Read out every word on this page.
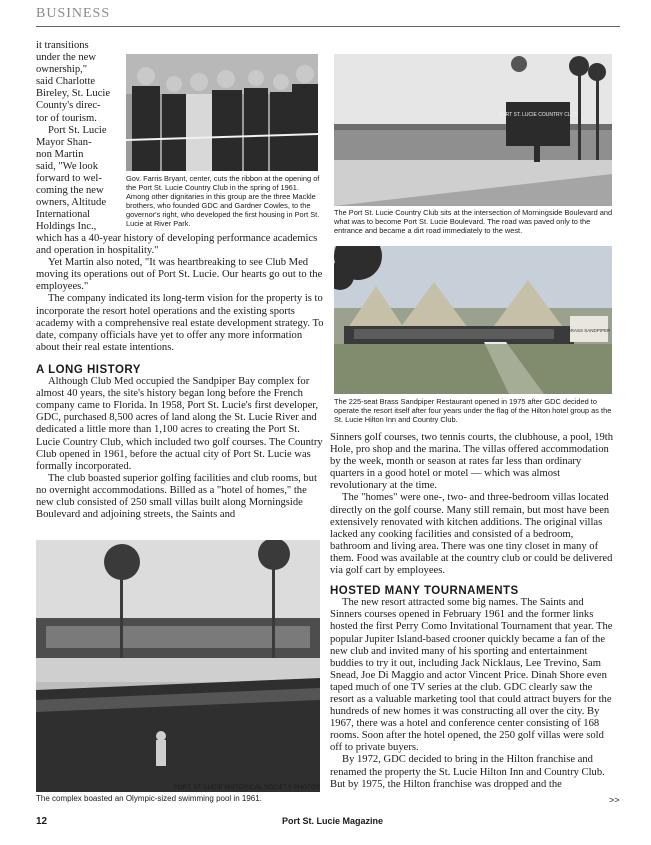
BUSINESS
it transitions
under the new
ownership,"
said Charlotte
Bireley, St. Lucie
County's direc-
tor of tourism.
Port St. Lucie
Mayor Shan-
non Martin
said, "We look
forward to wel-
coming the new
owners, Altitude
International
Holdings Inc.,

Gov. Farris Bryant, center, cuts the ribbon at the opening of the Port St. Lucie Country Club in the spring of 1961. Among other dignitaries in this group are the three Mackle brothers, who founded GDC and Gardner Cowles, to the governor's right, who developed the first housing in Port St. Lucie at River Park.

PORT ST. LUCIE COUNTRY CLUB

The Port St. Lucie Country Club sits at the intersection of Morningside Boulevard and what was to become Port St. Lucie Boulevard. The road was paved only to the entrance and became a dirt road immediately to the west.

BRASS SANDPIPER

The 225-seat Brass Sandpiper Restaurant opened in 1975 after GDC decided to operate the resort itself after four years under the flag of the Hilton hotel group as the St. Lucie Hilton Inn and Country Club.

which has a 40-year history of developing performance academics and operation in hospitality."

Yet Martin also noted, "It was heartbreaking to see Club Med moving its operations out of Port St. Lucie. Our hearts go out to the employees."

The company indicated its long-term vision for the property is to incorporate the resort hotel operations and the existing sports academy with a comprehensive real estate development strategy. To date, company officials have yet to offer any more information about their real estate intentions.

A LONG HISTORY

Although Club Med occupied the Sandpiper Bay complex for almost 40 years, the site's history began long before the French company came to Florida. In 1958, Port St. Lucie's first developer, GDC, purchased 8,500 acres of land along the St. Lucie River and dedicated a little more than 1,100 acres to creating the Port St. Lucie Country Club, which included two golf courses. The Country Club opened in 1961, before the actual city of Port St. Lucie was formally incorporated.

The club boasted superior golfing facilities and club rooms, but no overnight accommodations. Billed as a "hotel of homes," the new club consisted of 250 small villas built along Morningside Boulevard and adjoining streets, the Saints and

PORT ST. LUCIE HISTORICAL SOCIETY PHOTOS

The complex boasted an Olympic-sized swimming pool in 1961.

Sinners golf courses, two tennis courts, the clubhouse, a pool, 19th Hole, pro shop and the marina. The villas offered accommodation by the week, month or season at rates far less than ordinary quarters in a good hotel or motel — which was almost revolutionary at the time.

The "homes" were one-, two- and three-bedroom villas located directly on the golf course. Many still remain, but most have been extensively renovated with kitchen additions. The original villas lacked any cooking facilities and consisted of a bedroom, bathroom and living area. There was one tiny closet in many of them. Food was available at the country club or could be delivered via golf cart by employees.

HOSTED MANY TOURNAMENTS

The new resort attracted some big names. The Saints and Sinners courses opened in February 1961 and the former links hosted the first Perry Como Invitational Tournament that year. The popular Jupiter Island-based crooner quickly became a fan of the new club and invited many of his sporting and entertainment buddies to try it out, including Jack Nicklaus, Lee Trevino, Sam Snead, Joe Di Maggio and actor Vincent Price. Dinah Shore even taped much of one TV series at the club. GDC clearly saw the resort as a valuable marketing tool that could attract buyers for the hundreds of new homes it was constructing all over the city. By 1967, there was a hotel and conference center consisting of 168 rooms. Soon after the hotel opened, the 250 golf villas were sold off to private buyers.

By 1972, GDC decided to bring in the Hilton franchise and renamed the property the St. Lucie Hilton Inn and Country Club. But by 1975, the Hilton franchise was dropped and the

>>
12	Port St. Lucie Magazine
